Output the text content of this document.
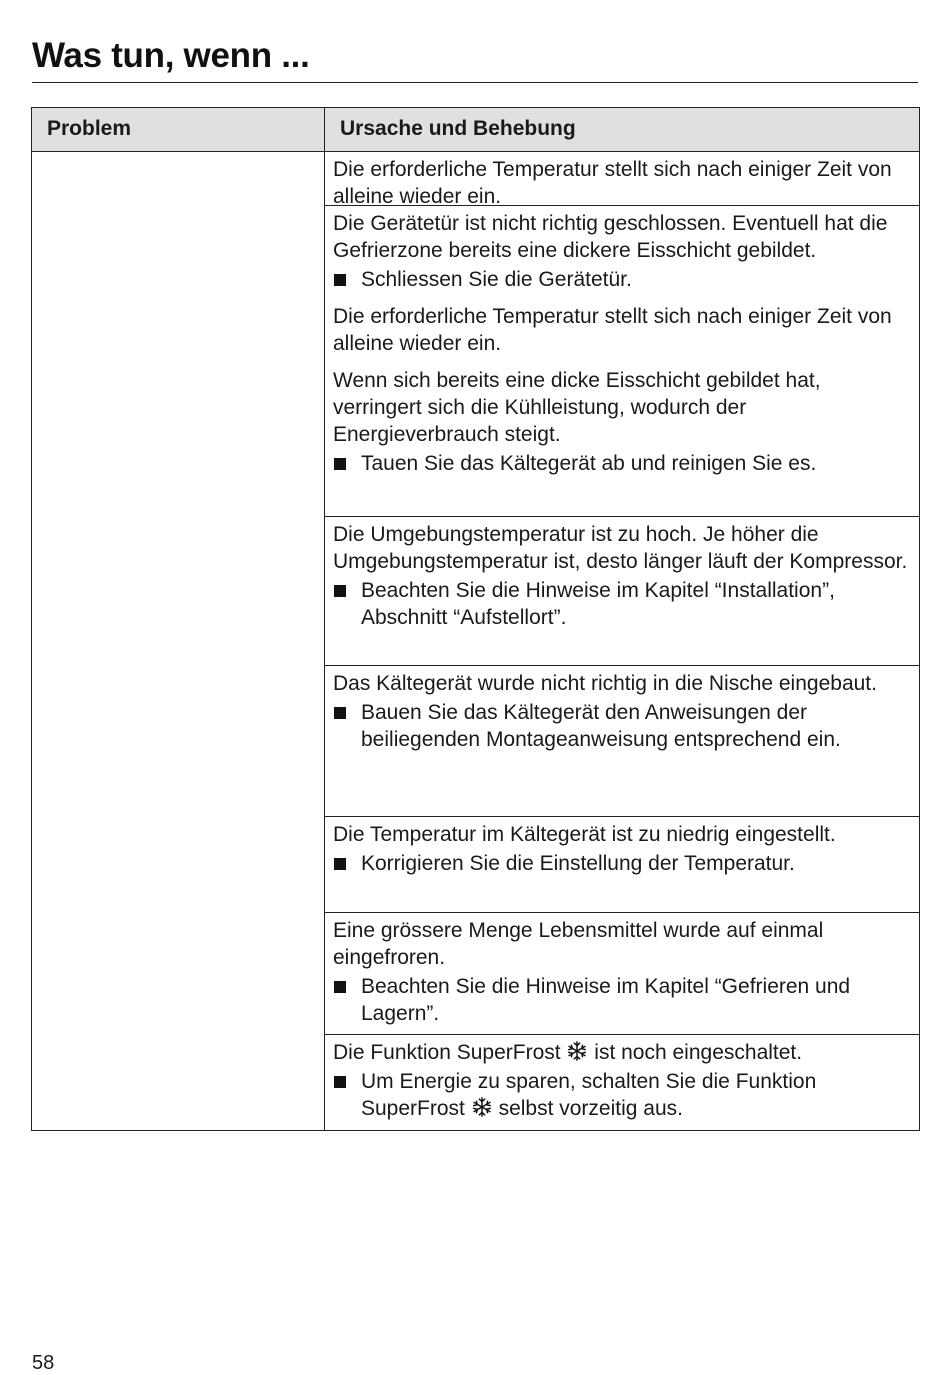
Was tun, wenn ...
Problem	Ursache und Behebung

Die erforderliche Temperatur stellt sich nach einiger Zeit von alleine wieder ein.

Die Gerätetür ist nicht richtig geschlossen. Eventuell hat die Gefrierzone bereits eine dickere Eisschicht gebildet.

Schliessen Sie die Gerätetür.

Die erforderliche Temperatur stellt sich nach einiger Zeit von alleine wieder ein.

Wenn sich bereits eine dicke Eisschicht gebildet hat, verringert sich die Kühlleistung, wodurch der Energieverbrauch steigt.

Tauen Sie das Kältegerät ab und reinigen Sie es.

Die Umgebungstemperatur ist zu hoch. Je höher die Umgebungstemperatur ist, desto länger läuft der Kompressor.

Beachten Sie die Hinweise im Kapitel “Installation”, Abschnitt “Aufstellort”.

Das Kältegerät wurde nicht richtig in die Nische eingebaut.

Bauen Sie das Kältegerät den Anweisungen der beiliegenden Montageanweisung entsprechend ein.

Die Temperatur im Kältegerät ist zu niedrig eingestellt.

Korrigieren Sie die Einstellung der Temperatur.

Eine grössere Menge Lebensmittel wurde auf einmal eingefroren.

Beachten Sie die Hinweise im Kapitel “Gefrieren und Lagern”.

Die Funktion SuperFrost ist noch eingeschaltet.

Um Energie zu sparen, schalten Sie die Funktion SuperFrost selbst vorzeitig aus.
58
